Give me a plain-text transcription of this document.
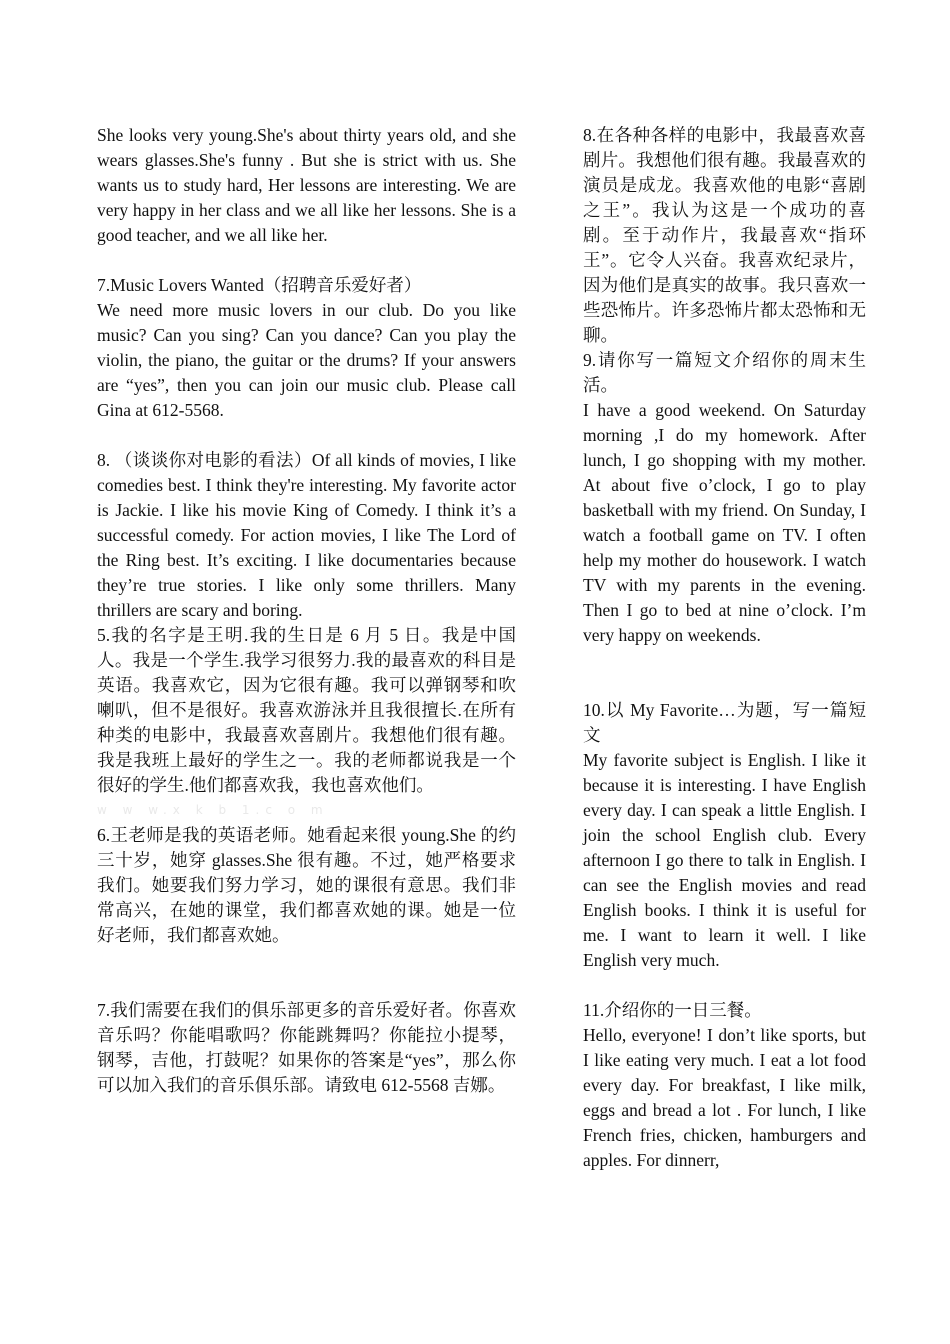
She looks very young.She's about thirty years old, and she wears glasses.She's funny . But she is strict with us. She wants us to study hard, Her lessons are interesting. We are very happy in her class and we all like her lessons. She is a good teacher, and we all like her.

7.Music Lovers Wanted（招聘音乐爱好者）

We need more music lovers in our club. Do you like music? Can you sing? Can you dance? Can you play the violin, the piano, the guitar or the drums? If your answers are “yes”, then you can join our music club. Please call Gina at 612-5568.

8. （谈谈你对电影的看法）Of all kinds of movies, I like comedies best. I think they're interesting. My favorite actor is Jackie. I like his movie King of Comedy. I think it’s a successful comedy. For action movies, I like The Lord of the Ring best. It’s exciting. I like documentaries because they’re true stories. I like only some thrillers. Many thrillers are scary and boring.

5.我的名字是王明.我的生日是 6 月 5 日。我是中国人。我是一个学生.我学习很努力.我的最喜欢的科目是英语。我喜欢它，因为它很有趣。我可以弹钢琴和吹喇叭，但不是很好。我喜欢游泳并且我很擅长.在所有种类的电影中，我最喜欢喜剧片。我想他们很有趣。我是我班上最好的学生之一。我的老师都说我是一个很好的学生.他们都喜欢我，我也喜欢他们。

w w w.x k b 1.c o m

6.王老师是我的英语老师。她看起来很 young.She 的约三十岁，她穿 glasses.She 很有趣。不过，她严格要求我们。她要我们努力学习，她的课很有意思。我们非常高兴，在她的课堂，我们都喜欢她的课。她是一位好老师，我们都喜欢她。

7.我们需要在我们的俱乐部更多的音乐爱好者。你喜欢音乐吗？你能唱歌吗？你能跳舞吗？你能拉小提琴，钢琴，吉他，打鼓呢？如果你的答案是“yes”，那么你可以加入我们的音乐俱乐部。请致电 612-5568 吉娜。

8.在各种各样的电影中，我最喜欢喜剧片。我想他们很有趣。我最喜欢的演员是成龙。我喜欢他的电影“喜剧之王”。我认为这是一个成功的喜剧。至于动作片，我最喜欢“指环王”。它令人兴奋。我喜欢纪录片，因为他们是真实的故事。我只喜欢一些恐怖片。许多恐怖片都太恐怖和无聊。

9.请你写一篇短文介绍你的周末生活。

I have a good weekend. On Saturday morning ,I do my homework. After lunch, I go shopping with my mother. At about five o’clock, I go to play basketball with my friend. On Sunday, I watch a football game on TV. I often help my mother do housework. I watch TV with my parents in the evening. Then I go to bed at nine o’clock. I’m very happy on weekends.

10.以 My Favorite…为题，写一篇短文

My favorite subject is English. I like it because it is interesting. I have English every day. I can speak a little English. I join the school English club. Every afternoon I go there to talk in English. I can see the English movies and read English books. I think it is useful for me. I want to learn it well. I like English very much.

11.介绍你的一日三餐。

Hello, everyone! I don’t like sports, but I like eating very much. I eat a lot food every day. For breakfast, I like milk, eggs and bread a lot . For lunch, I like French fries, chicken, hamburgers and apples. For dinnerr,
